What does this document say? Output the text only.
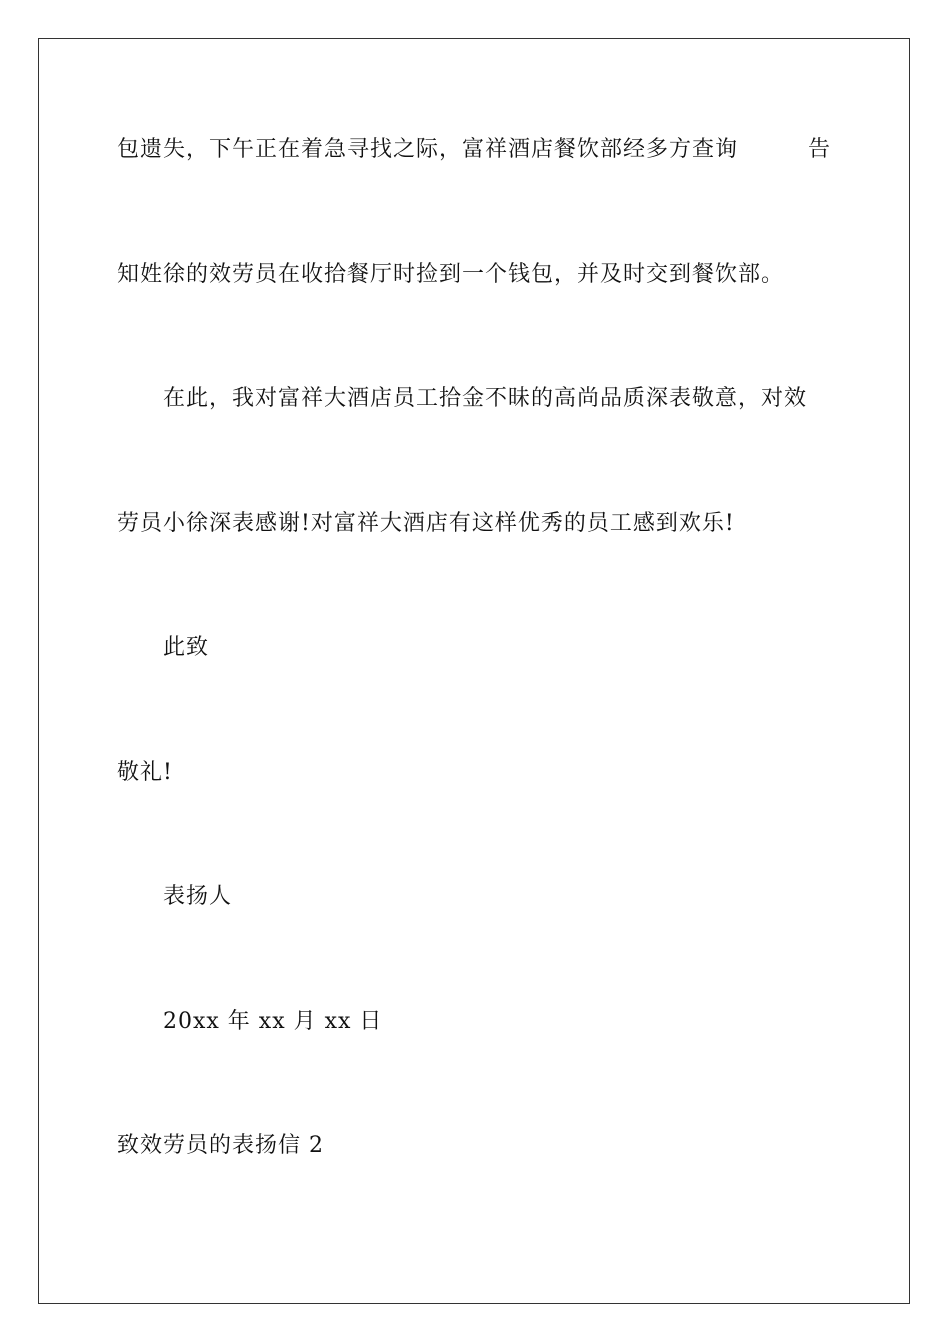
包遗失，下午正在着急寻找之际，富祥酒店餐饮部经多方查询	告
知姓徐的效劳员在收拾餐厅时捡到一个钱包，并及时交到餐饮部。
在此，我对富祥大酒店员工拾金不昧的高尚品质深表敬意，对效
劳员小徐深表感谢!对富祥大酒店有这样优秀的员工感到欢乐!
此致
敬礼!
表扬人
20xx 年 xx 月 xx 日
致效劳员的表扬信 2
